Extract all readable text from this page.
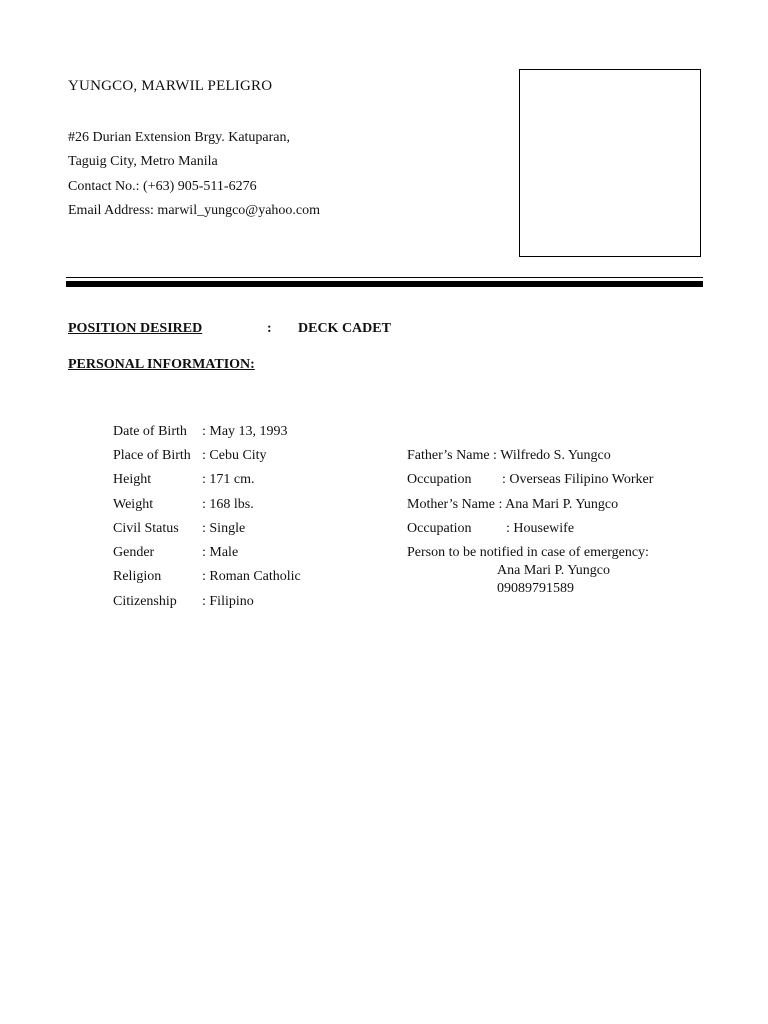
YUNGCO, MARWIL PELIGRO
#26 Durian Extension Brgy. Katuparan,
Taguig City, Metro Manila
Contact No.: (+63) 905-511-6276
Email Address: marwil_yungco@yahoo.com
POSITION DESIRED	: DECK CADET
PERSONAL INFORMATION:
Date of Birth : May 13, 1993
Place of Birth : Cebu City
Height	: 171 cm.
Weight	: 168 lbs.
Civil Status : Single
Gender	: Male
Religion	: Roman Catholic
Citizenship : Filipino
Father’s Name : Wilfredo S. Yungco
Occupation : Overseas Filipino Worker
Mother’s Name : Ana Mari P. Yungco
Occupation : Housewife
Person to be notified in case of emergency:
Ana Mari P. Yungco
09089791589
